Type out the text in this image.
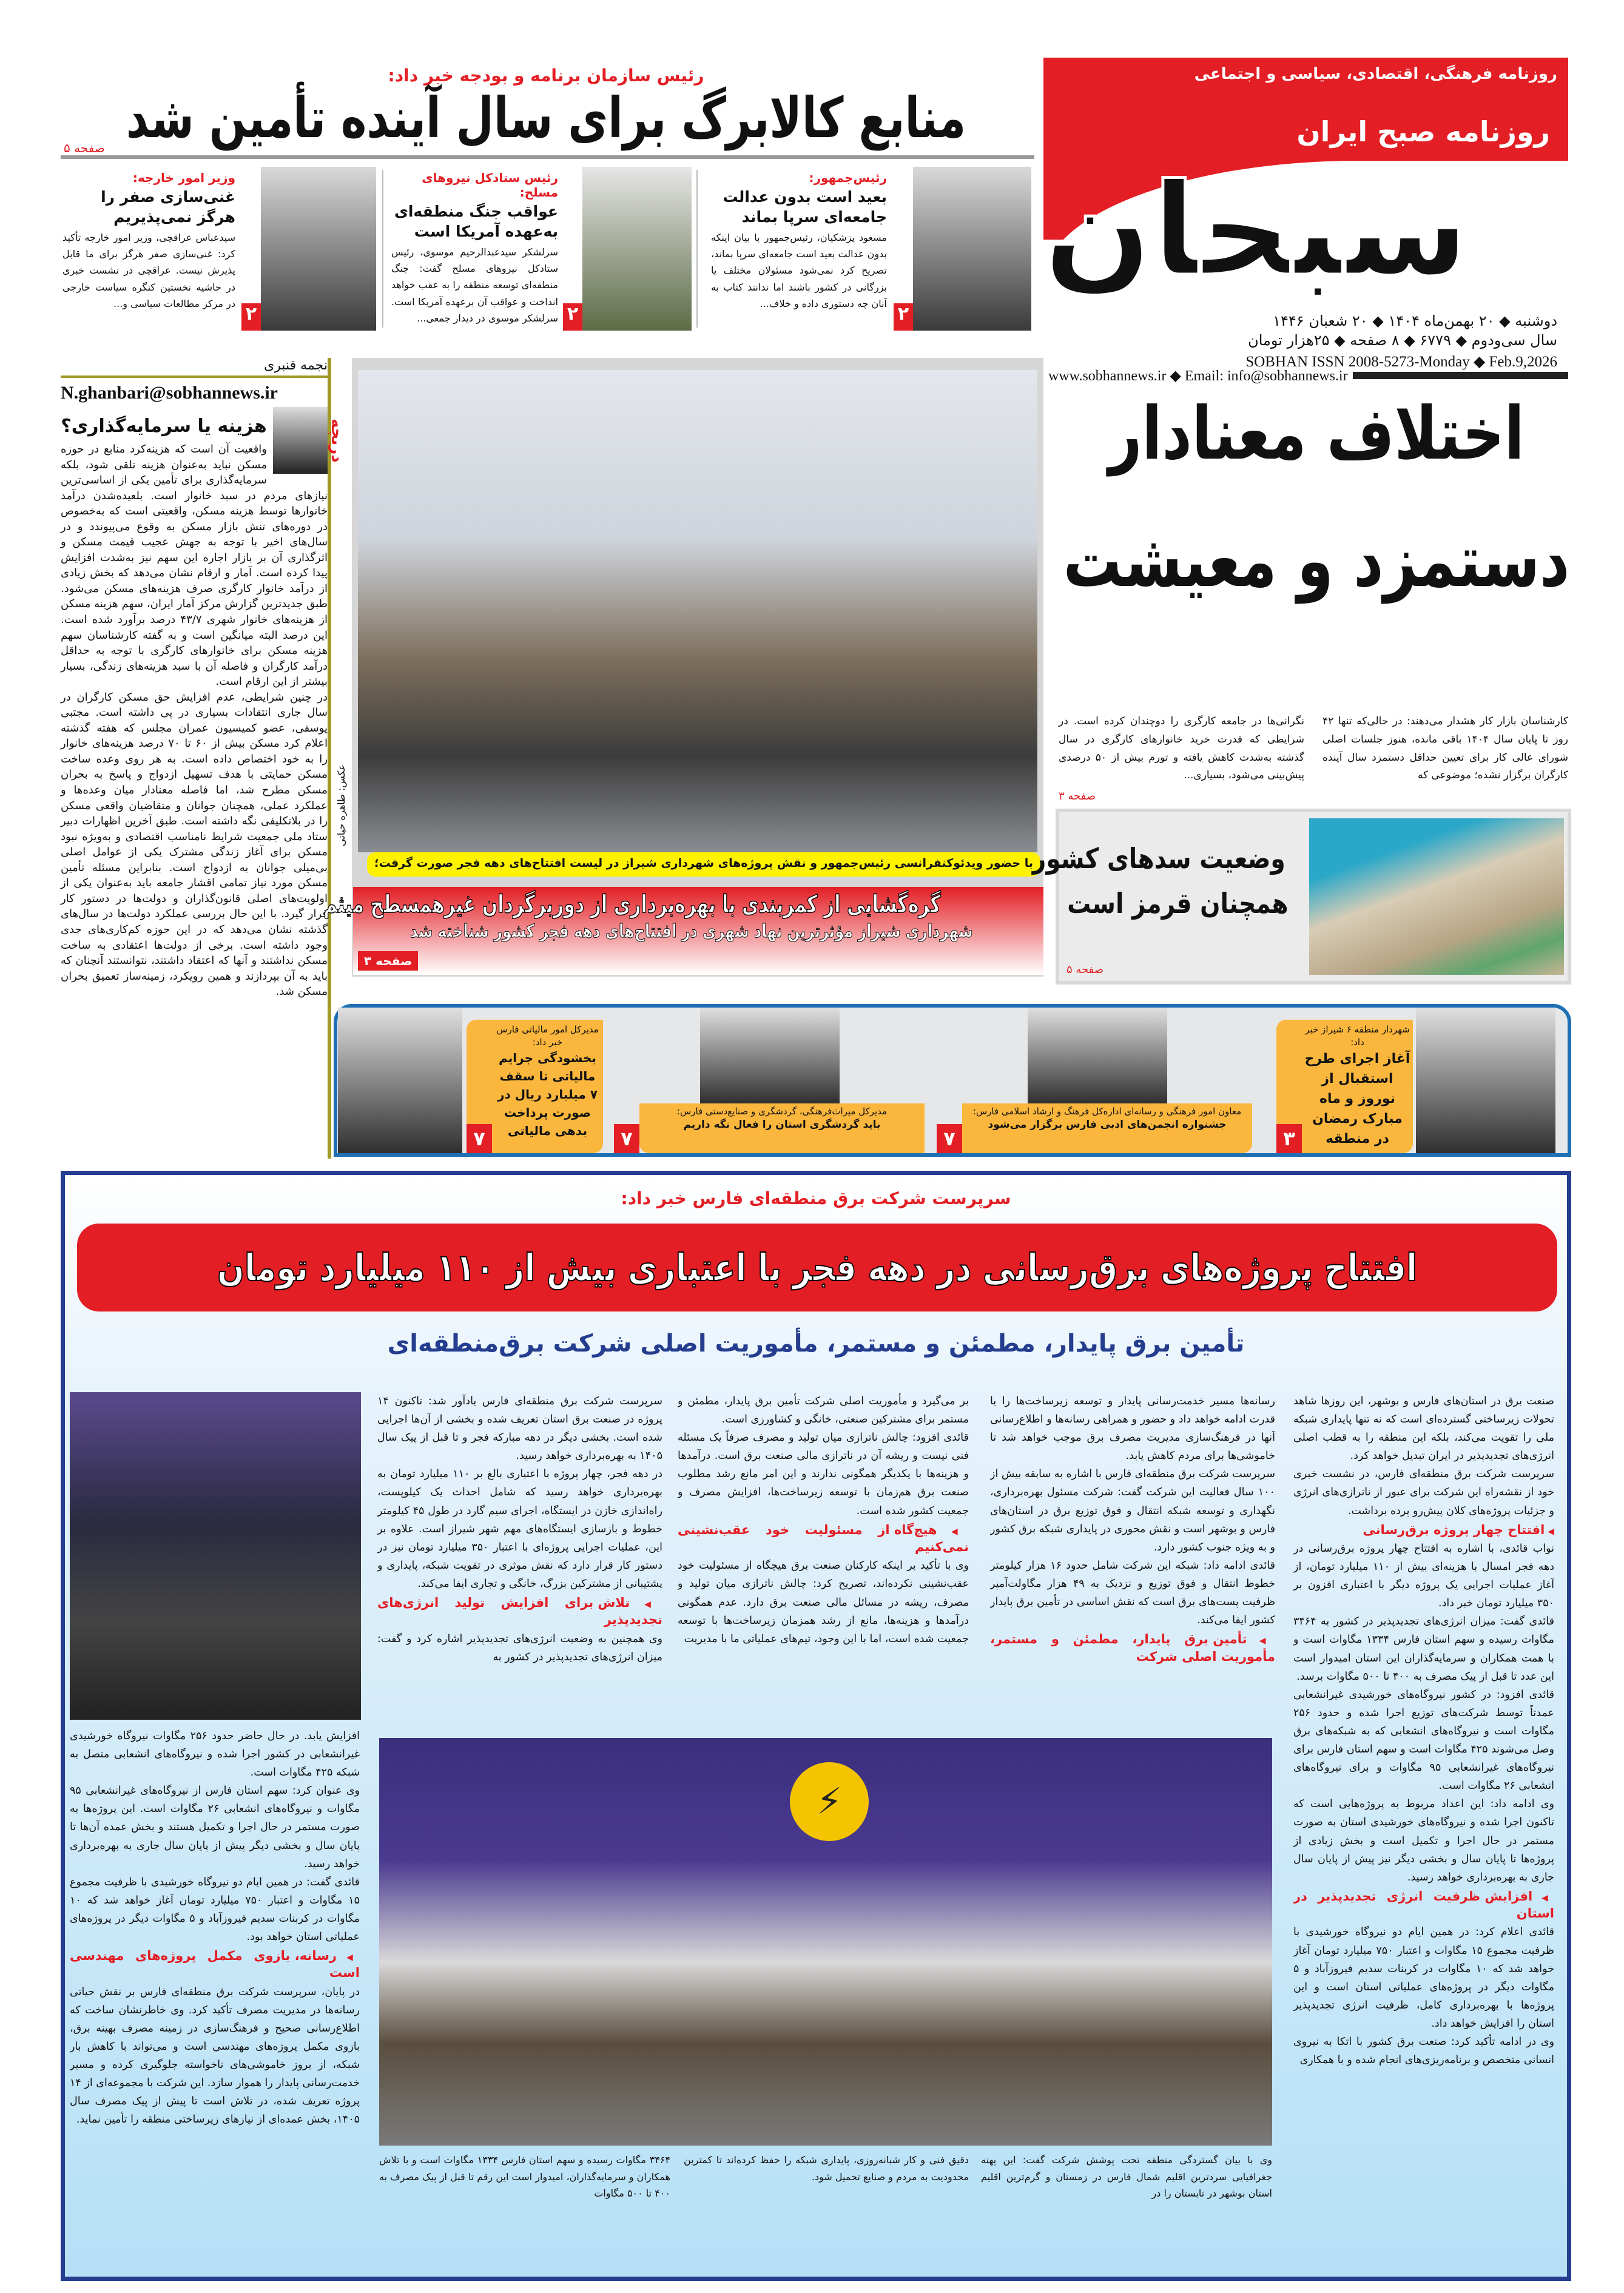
روزنامه فرهنگی، اقتصادی، سیاسی و اجتماعی
روزنامه صبح ایران
سبحان
دوشنبه ◆ ۲۰ بهمن‌ماه ۱۴۰۴ ◆ ۲۰ شعبان ۱۴۴۶
سال سی‌ودوم ◆ ۶۷۷۹ ◆ ۸ صفحه ◆ ۲۵هزار تومان
SOBHAN ISSN 2008-5273-Monday ◆ Feb.9,2026
www.sobhannews.ir ◆ Email: info@sobhannews.ir
رئیس سازمان برنامه و بودجه خبر داد:
منابع کالابرگ برای سال آینده تأمین شد
صفحه ۵
۲
رئیس‌جمهور:
بعید است بدون عدالت جامعه‌ای سرپا بماند
مسعود پزشکیان، رئیس‌جمهور با بیان اینکه بدون عدالت بعید است جامعه‌ای سرپا بماند، تصریح کرد نمی‌شود مسئولان مختلف یا بزرگانی در کشور باشند اما ندانند کتاب به آنان چه دستوری داده و خلاف...
۲
رئیس ستادکل نیروهای مسلح:
عواقب جنگ منطقه‌ای به‌عهده آمریکا است
سرلشکر سیدعبدالرحیم موسوی، رئیس ستادکل نیروهای مسلح گفت: جنگ منطقه‌ای توسعه منطقه را به عقب خواهد انداخت و عواقب آن برعهده آمریکا است. سرلشکر موسوی در دیدار جمعی...
۲
وزیر امور خارجه:
غنی‌سازی صفر را هرگز نمی‌پذیریم
سیدعباس عراقچی، وزیر امور خارجه تأکید کرد: غنی‌سازی صفر هرگز برای ما قابل پذیرش نیست. عراقچی در نشست خبری در حاشیه نخستین کنگره سیاست خارجی در مرکز مطالعات سیاسی و...
نجمه قنبری
N.ghanbari@sobhannews.ir
هزینه یا سرمایه‌گذاری؟

واقعیت آن است که هزینه‌کرد منابع در حوزه مسکن نباید به‌عنوان هزینه تلقی شود، بلکه سرمایه‌گذاری برای تأمین یکی از اساسی‌ترین نیازهای مردم در سبد خانوار است. بلعیده‌شدن درآمد خانوارها توسط هزینه مسکن، واقعیتی است که به‌خصوص در دوره‌های تنش بازار مسکن به وقوع می‌پیوندد و در سال‌های اخیر با توجه به جهش عجیب قیمت مسکن و اثرگذاری آن بر بازار اجاره این سهم نیز به‌شدت افزایش پیدا کرده است. آمار و ارقام نشان می‌دهد که بخش زیادی از درآمد خانوار کارگری صرف هزینه‌های مسکن می‌شود. طبق جدیدترین گزارش مرکز آمار ایران، سهم هزینه مسکن از هزینه‌های خانوار شهری ۴۳/۷ درصد برآورد شده است. این درصد البته میانگین است و به گفته کارشناسان سهم هزینه مسکن برای خانوارهای کارگری با توجه به حداقل درآمد کارگران و فاصله آن با سبد هزینه‌های زندگی، بسیار بیشتر از این ارقام است.

در چنین شرایطی، عدم افزایش حق مسکن کارگران در سال جاری انتقادات بسیاری در پی داشته است. مجتبی یوسفی، عضو کمیسیون عمران مجلس که هفته گذشته اعلام کرد مسکن بیش از ۶۰ تا ۷۰ درصد هزینه‌های خانوار را به خود اختصاص داده است. به هر روی وعده ساخت مسکن حمایتی با هدف تسهیل ازدواج و پاسخ به بحران مسکن مطرح شد، اما فاصله معنادار میان وعده‌ها و عملکرد عملی، همچنان جوانان و متقاضیان واقعی مسکن را در بلاتکلیفی نگه داشته است. طبق آخرین اظهارات دبیر ستاد ملی جمعیت شرایط نامناسب اقتصادی و به‌ویژه نبود مسکن برای آغاز زندگی مشترک یکی از عوامل اصلی بی‌میلی جوانان به ازدواج است. بنابراین مسئله تأمین مسکن مورد نیاز تمامی اقشار جامعه باید به‌عنوان یکی از اولویت‌های اصلی قانون‌گذاران و دولت‌ها در دستور کار قرار گیرد. با این حال بررسی عملکرد دولت‌ها در سال‌های گذشته نشان می‌دهد که در این حوزه کم‌کاری‌های جدی وجود داشته است. برخی از دولت‌ها اعتقادی به ساخت مسکن نداشتند و آنها که اعتقاد داشتند، نتوانستند آنچنان که باید به آن بپردازند و همین رویکرد، زمینه‌ساز تعمیق بحران مسکن شد.

دریچه
عکس: طاهره حیاتی
با حضور ویدئوکنفرانسی رئیس‌جمهور و نقش پروژه‌های شهرداری شیراز در لیست افتتاح‌های دهه فجر صورت گرفت؛
گره‌گشایی از کمربندی با بهره‌برداری از دوربرگردان غیرهمسطح میثم
شهرداری شیراز مؤثرترین نهاد شهری در افتتاح‌های دهه فجر کشور شناخته شد
صفحه ۳
اختلاف معنادار
دستمزد و معیشت
کارشناسان بازار کار هشدار می‌دهند: در حالی‌که تنها ۴۲ روز تا پایان سال ۱۴۰۴ باقی مانده، هنوز جلسات اصلی شورای عالی کار برای تعیین حداقل دستمزد سال آینده کارگران برگزار نشده؛ موضوعی که
نگرانی‌ها در جامعه کارگری را دوچندان کرده است. در شرایطی که قدرت خرید خانوارهای کارگری در سال گذشته به‌شدت کاهش یافته و تورم بیش از ۵۰ درصدی پیش‌بینی می‌شود، بسیاری...
صفحه ۳
وضعیت سدهای کشور
همچنان قرمز است
صفحه ۵
شهردار منطقه ۶ شیراز خبر داد:
آغاز اجرای طرح استقبال از نوروز و ماه مبارک رمضان در منطقه
۳
معاون امور فرهنگی و رسانه‌ای اداره‌کل فرهنگ و ارشاد اسلامی فارس:
جشنواره انجمن‌های ادبی فارس برگزار می‌شود
۷
مدیرکل میراث‌فرهنگی، گردشگری و صنایع‌دستی فارس:
باید گردشگری استان را فعال نگه داریم
۷
مدیرکل امور مالیاتی فارس خبر داد:
بخشودگی جرایم مالیاتی تا سقف ۷ میلیارد ریال در صورت پرداخت بدهی مالیاتی
۷
سرپرست شرکت برق منطقه‌ای فارس خبر داد:
افتتاح پروژه‌های برق‌رسانی در دهه فجر با اعتباری بیش از ۱۱۰ میلیارد تومان
تأمین برق پایدار، مطمئن و مستمر، مأموریت اصلی شرکت برق‌منطقه‌ای
⚡

صنعت برق در استان‌های فارس و بوشهر، این روزها شاهد تحولات زیرساختی گسترده‌ای است که نه تنها پایداری شبکه ملی را تقویت می‌کند، بلکه این منطقه را به قطب اصلی انرژی‌های تجدیدپذیر در ایران تبدیل خواهد کرد.

سرپرست شرکت برق منطقه‌ای فارس، در نشست خبری خود از نقشه‌راه این شرکت برای عبور از ناترازی‌های انرژی و جزئیات پروژه‌های کلان پیش‌رو پرده برداشت.

◀ افتتاح چهار پروژه برق‌رسانی

نواب قائدی، با اشاره به افتتاح چهار پروژه برق‌رسانی در دهه فجر امسال با هزینه‌ای بیش از ۱۱۰ میلیارد تومان، از آغاز عملیات اجرایی یک پروژه دیگر با اعتباری افزون بر ۳۵۰ میلیارد تومان خبر داد.

قائدی گفت: میزان انرژی‌های تجدیدپذیر در کشور به ۳۴۶۴ مگاوات رسیده و سهم استان فارس ۱۳۳۴ مگاوات است و با همت همکاران و سرمایه‌گذاران این استان امیدوار است این عدد تا قبل از پیک مصرف به ۴۰۰ تا ۵۰۰ مگاوات برسد.

قائدی افزود: در کشور نیروگاه‌های خورشیدی غیرانشعابی عمدتاً توسط شرکت‌های توزیع اجرا شده و حدود ۲۵۶ مگاوات است و نیروگاه‌های انشعابی که به شبکه‌های برق وصل می‌شوند ۴۲۵ مگاوات است و سهم استان فارس برای نیروگاه‌های غیرانشعابی ۹۵ مگاوات و برای نیروگاه‌های انشعابی ۲۶ مگاوات است.

وی ادامه داد: این اعداد مربوط به پروژه‌هایی است که تاکنون اجرا شده و نیروگاه‌های خورشیدی استان به صورت مستمر در حال اجرا و تکمیل است و بخش زیادی از پروژه‌ها تا پایان سال و بخشی دیگر نیز پیش از پایان سال جاری به بهره‌برداری خواهد رسید.

◀ افزایش ظرفیت انرژی تجدیدپذیر در استان

قائدی اعلام کرد: در همین ایام دو نیروگاه خورشیدی با ظرفیت مجموع ۱۵ مگاوات و اعتبار ۷۵۰ میلیارد تومان آغاز خواهد شد که ۱۰ مگاوات در کربنات سدیم فیروزآباد و ۵ مگاوات دیگر در پروژه‌های عملیاتی استان است و این پروژه‌ها با بهره‌برداری کامل، ظرفیت انرژی تجدیدپذیر استان را افزایش خواهد داد.

وی در ادامه تأکید کرد: صنعت برق کشور با اتکا به نیروی انسانی متخصص و برنامه‌ریزی‌های انجام شده و با همکاری

رسانه‌ها مسیر خدمت‌رسانی پایدار و توسعه زیرساخت‌ها را با قدرت ادامه خواهد داد و حضور و همراهی رسانه‌ها و اطلاع‌رسانی آنها در فرهنگ‌سازی مدیریت مصرف برق موجب خواهد شد تا خاموشی‌ها برای مردم کاهش یابد.

سرپرست شرکت برق منطقه‌ای فارس با اشاره به سابقه بیش از ۱۰۰ سال فعالیت این شرکت گفت: شرکت مسئول بهره‌برداری، نگهداری و توسعه شبکه انتقال و فوق توزیع برق در استان‌های فارس و بوشهر است و نقش محوری در پایداری شبکه برق کشور و به ویژه جنوب کشور دارد.

قائدی ادامه داد: شبکه این شرکت شامل حدود ۱۶ هزار کیلومتر خطوط انتقال و فوق توزیع و نزدیک به ۴۹ هزار مگاولت‌آمپر ظرفیت پست‌های برق است که نقش اساسی در تأمین برق پایدار کشور ایفا می‌کند.

◀ تأمین برق پایدار، مطمئن و مستمر، مأموریت اصلی شرکت

بر می‌گیرد و مأموریت اصلی شرکت تأمین برق پایدار، مطمئن و مستمر برای مشترکین صنعتی، خانگی و کشاورزی است.

قائدی افزود: چالش ناترازی میان تولید و مصرف صرفاً یک مسئله فنی نیست و ریشه آن در ناترازی مالی صنعت برق است. درآمدها و هزینه‌ها با یکدیگر همگونی ندارند و این امر مانع رشد مطلوب صنعت برق هم‌زمان با توسعه زیرساخت‌ها، افزایش مصرف و جمعیت کشور شده است.

◀ هیچ‌گاه از مسئولیت خود عقب‌نشینی نمی‌کنیم

وی با تأکید بر اینکه کارکنان صنعت برق هیچگاه از مسئولیت خود عقب‌نشینی نکرده‌اند، تصریح کرد: چالش ناترازی میان تولید و مصرف، ریشه در مسائل مالی صنعت برق دارد. عدم همگونی درآمدها و هزینه‌ها، مانع از رشد همزمان زیرساخت‌ها با توسعه جمعیت شده است، اما با این وجود، تیم‌های عملیاتی ما با مدیریت

سرپرست شرکت برق منطقه‌ای فارس یادآور شد: تاکنون ۱۴ پروژه در صنعت برق استان تعریف شده و بخشی از آن‌ها اجرایی شده است. بخشی دیگر در دهه مبارکه فجر و تا قبل از پیک سال ۱۴۰۵ به بهره‌برداری خواهد رسید.

در دهه فجر، چهار پروژه با اعتباری بالغ بر ۱۱۰ میلیارد تومان به بهره‌برداری خواهد رسید که شامل احداث یک کیلوپست، راه‌اندازی خازن در ایستگاه، اجرای سیم گارد در طول ۴۵ کیلومتر خطوط و بازسازی ایستگاه‌های مهم شهر شیراز است. علاوه بر این، عملیات اجرایی پروژه‌ای با اعتبار ۳۵۰ میلیارد تومان نیز در دستور کار قرار دارد که نقش موثری در تقویت شبکه، پایداری و پشتیبانی از مشترکین بزرگ، خانگی و تجاری ایفا می‌کند.

◀ تلاش برای افزایش تولید انرژی‌های تجدیدپذیر

وی همچنین به وضعیت انرژی‌های تجدیدپذیر اشاره کرد و گفت: میزان انرژی‌های تجدیدپذیر در کشور به

افزایش یابد. در حال حاضر حدود ۲۵۶ مگاوات نیروگاه خورشیدی غیرانشعابی در کشور اجرا شده و نیروگاه‌های انشعابی متصل به شبکه ۴۲۵ مگاوات است.

وی عنوان کرد: سهم استان فارس از نیروگاه‌های غیرانشعابی ۹۵ مگاوات و نیروگاه‌های انشعابی ۲۶ مگاوات است. این پروژه‌ها به صورت مستمر در حال اجرا و تکمیل هستند و بخش عمده آن‌ها تا پایان سال و بخشی دیگر پیش از پایان سال جاری به بهره‌برداری خواهد رسید.

قائدی گفت: در همین ایام دو نیروگاه خورشیدی با ظرفیت مجموع ۱۵ مگاوات و اعتبار ۷۵۰ میلیارد تومان آغاز خواهد شد که ۱۰ مگاوات در کربنات سدیم فیروزآباد و ۵ مگاوات دیگر در پروژه‌های عملیاتی استان خواهد بود.

◀ رسانه، بازوی مکمل پروژه‌های مهندسی است

در پایان، سرپرست شرکت برق منطقه‌ای فارس بر نقش حیاتی رسانه‌ها در مدیریت مصرف تأکید کرد. وی خاطرنشان ساخت که اطلاع‌رسانی صحیح و فرهنگ‌سازی در زمینه مصرف بهینه برق، بازوی مکمل پروژه‌های مهندسی است و می‌تواند با کاهش بار شبکه، از بروز خاموشی‌های ناخواسته جلوگیری کرده و مسیر خدمت‌رسانی پایدار را هموار سازد. این شرکت با مجموعه‌ای از ۱۴ پروژه تعریف شده، در تلاش است تا پیش از پیک مصرف سال ۱۴۰۵، بخش عمده‌ای از نیازهای زیرساختی منطقه را تأمین نماید.

وی با بیان گستردگی منطقه تحت پوشش شرکت گفت: این پهنه جغرافیایی سردترین اقلیم شمال فارس در زمستان و گرم‌ترین اقلیم استان بوشهر در تابستان را در

دقیق فنی و کار شبانه‌روزی، پایداری شبکه را حفظ کرده‌اند تا کمترین محدودیت به مردم و صنایع تحمیل شود.

۳۴۶۴ مگاوات رسیده و سهم استان فارس ۱۳۳۴ مگاوات است و با تلاش همکاران و سرمایه‌گذاران، امیدوار است این رقم تا قبل از پیک مصرف به ۴۰۰ تا ۵۰۰ مگاوات
